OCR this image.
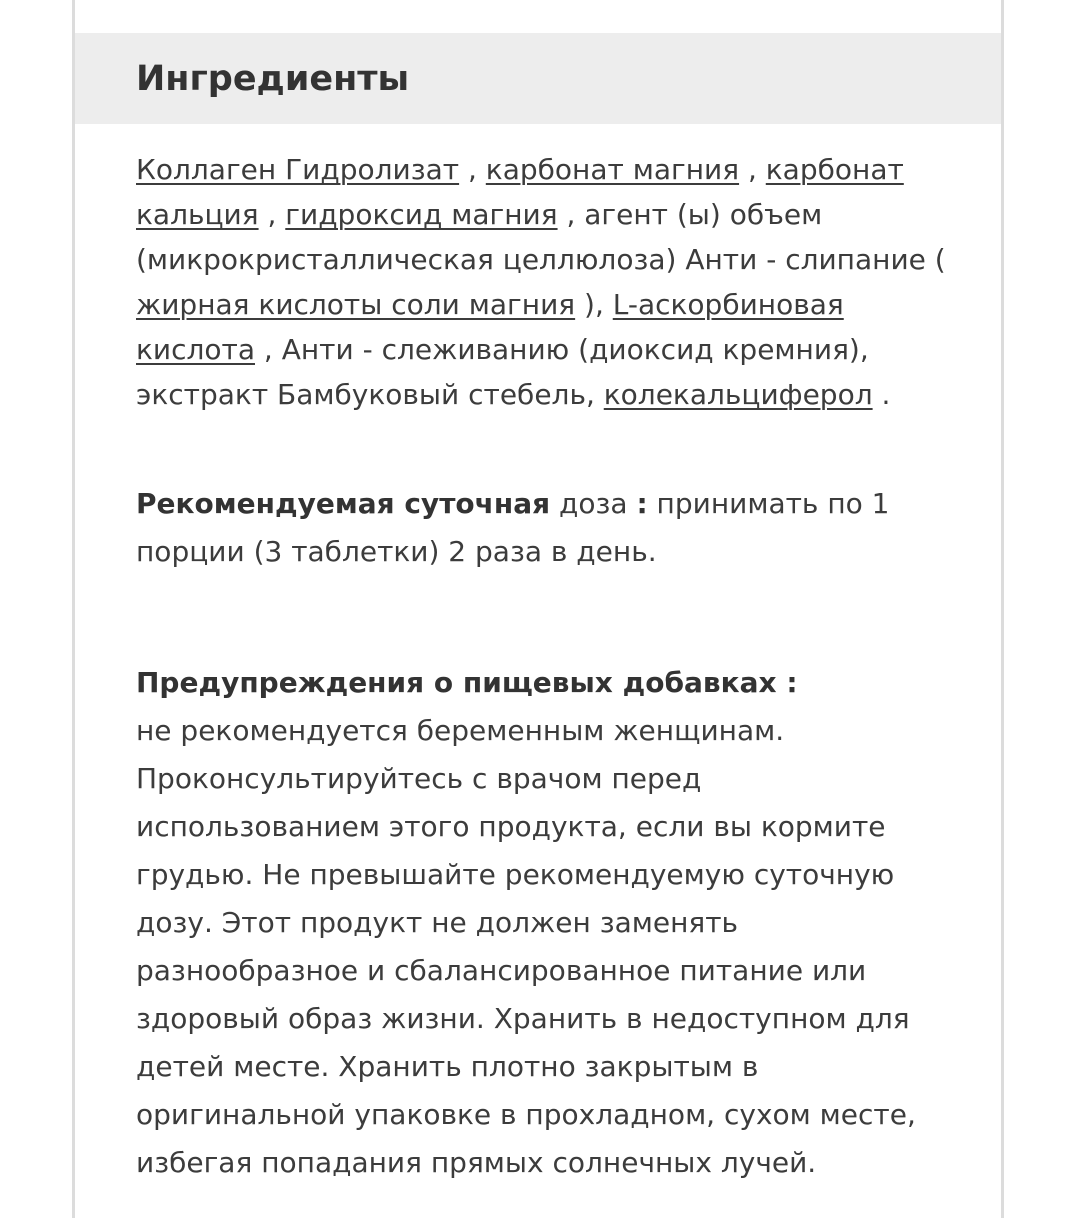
Ингредиенты
Коллаген Гидролизат , карбонат магния , карбонат кальция , гидроксид магния , агент (ы) объем (микрокристаллическая целлюлоза) Анти - слипание ( жирная кислоты соли магния ), L-аскорбиновая кислота , Анти - слеживанию (диоксид кремния), экстракт Бамбуковый стебель, колекальциферол .
Рекомендуемая суточная доза : принимать по 1 порции (3 таблетки) 2 раза в день.
Предупреждения о пищевых добавках :
не рекомендуется беременным женщинам. Проконсультируйтесь с врачом перед использованием этого продукта, если вы кормите грудью. Не превышайте рекомендуемую суточную дозу. Этот продукт не должен заменять разнообразное и сбалансированное питание или здоровый образ жизни. Хранить в недоступном для детей месте. Хранить плотно закрытым в оригинальной упаковке в прохладном, сухом месте, избегая попадания прямых солнечных лучей.
